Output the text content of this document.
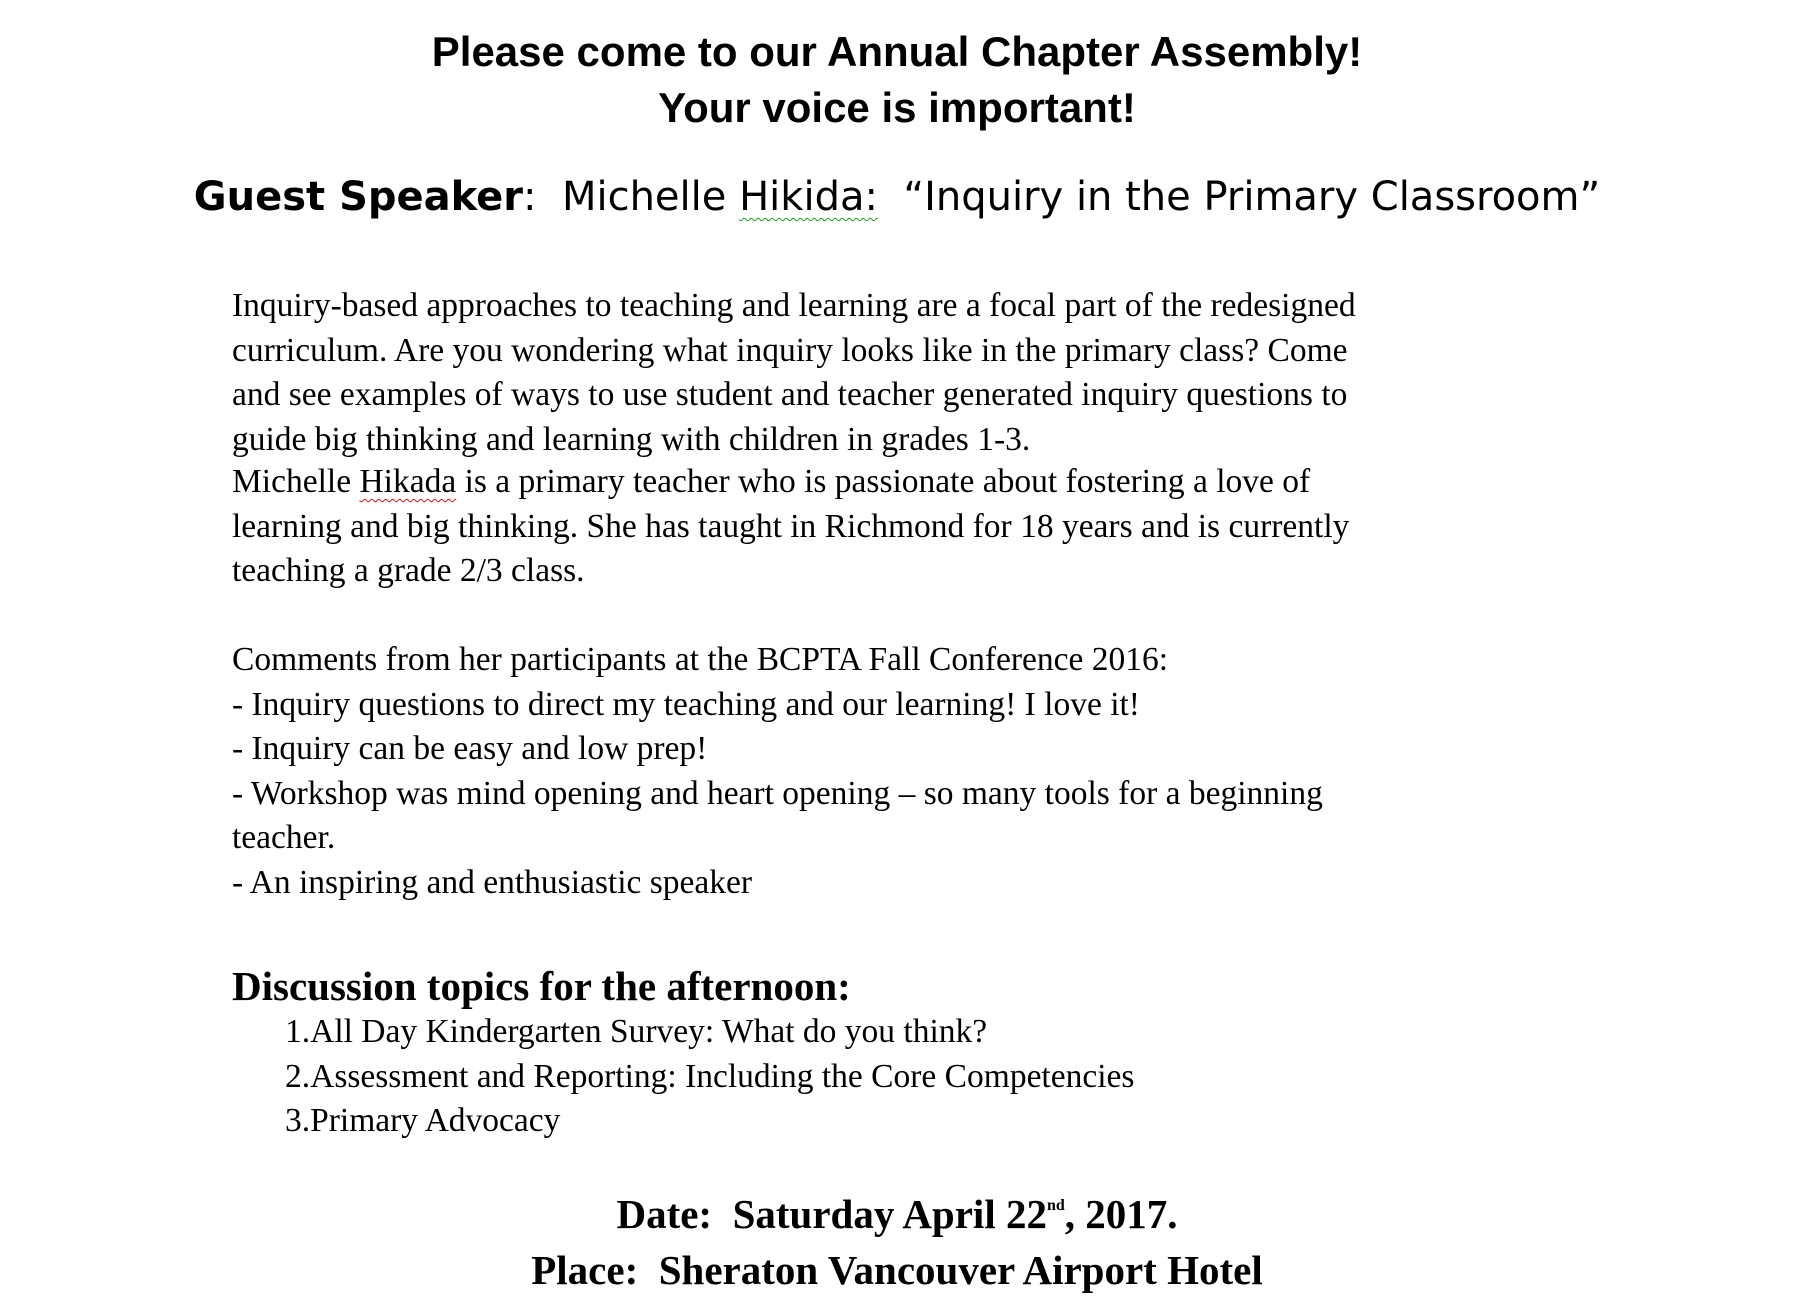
Please come to our Annual Chapter Assembly!
Your voice is important!
Guest Speaker:  Michelle Hikida:  “Inquiry in the Primary Classroom”
Inquiry-based approaches to teaching and learning are a focal part of the redesigned
curriculum. Are you wondering what inquiry looks like in the primary class? Come
and see examples of ways to use student and teacher generated inquiry questions to
guide big thinking and learning with children in grades 1-3.
Michelle Hikada is a primary teacher who is passionate about fostering a love of
learning and big thinking. She has taught in Richmond for 18 years and is currently
teaching a grade 2/3 class.
Comments from her participants at the BCPTA Fall Conference 2016:
- Inquiry questions to direct my teaching and our learning! I love it!
- Inquiry can be easy and low prep!
- Workshop was mind opening and heart opening – so many tools for a beginning
teacher.
- An inspiring and enthusiastic speaker
Discussion topics for the afternoon:
1.All Day Kindergarten Survey: What do you think?
2.Assessment and Reporting: Including the Core Competencies
3.Primary Advocacy
Date:  Saturday April 22nd, 2017.
Place:  Sheraton Vancouver Airport Hotel
